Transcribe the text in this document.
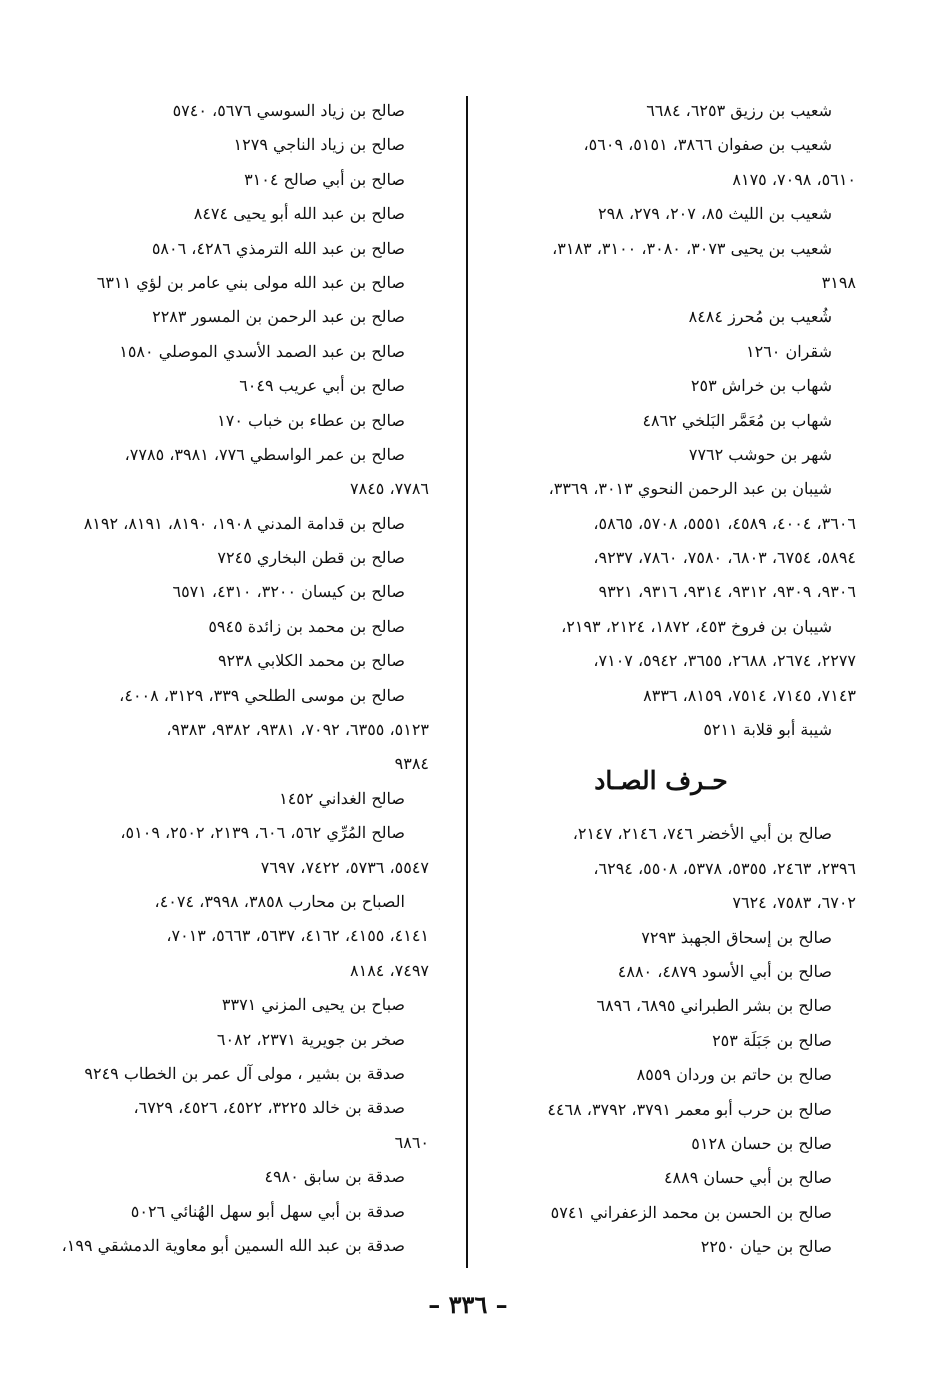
شعيب بن رزيق ٦٢٥٣، ٦٦٨٤
شعيب بن صفوان ٣٨٦٦، ٥١٥١، ٥٦٠٩،
٥٦١٠، ٧٠٩٨، ٨١٧٥
شعيب بن الليث ٨٥، ٢٠٧، ٢٧٩، ٢٩٨
شعيب بن يحيى ٣٠٧٣، ٣٠٨٠، ٣١٠٠، ٣١٨٣،
٣١٩٨
شُعيب بن مُحرز ٨٤٨٤
شقران ١٢٦٠
شهاب بن خراش ٢٥٣
شهاب بن مُعَمَّر البَلخي ٤٨٦٢
شهر بن حوشب ٧٧٦٢
شيبان بن عبد الرحمن النحوي ٣٠١٣، ٣٣٦٩،
٣٦٠٦، ٤٠٠٤، ٤٥٨٩، ٥٥٥١، ٥٧٠٨، ٥٨٦٥،
٥٨٩٤، ٦٧٥٤، ٦٨٠٣، ٧٥٨٠، ٧٨٦٠، ٩٢٣٧،
٩٣٠٦، ٩٣٠٩، ٩٣١٢، ٩٣١٤، ٩٣١٦، ٩٣٢١
شيبان بن فروخ ٤٥٣، ١٨٧٢، ٢١٢٤، ٢١٩٣،
٢٢٧٧، ٢٦٧٤، ٢٦٨٨، ٣٦٥٥، ٥٩٤٢، ٧١٠٧،
٧١٤٣، ٧١٤٥، ٧٥١٤، ٨١٥٩، ٨٣٣٦
شيبة أبو قلابة ٥٢١١
حـرف الصـاد
صالح بن أبي الأخضر ٧٤٦، ٢١٤٦، ٢١٤٧،
٢٣٩٦، ٢٤٦٣، ٥٣٥٥، ٥٣٧٨، ٥٥٠٨، ٦٢٩٤،
٦٧٠٢، ٧٥٨٣، ٧٦٢٤
صالح بن إسحاق الجهبذ ٧٢٩٣
صالح بن أبي الأسود ٤٨٧٩، ٤٨٨٠
صالح بن بشر الطبراني ٦٨٩٥، ٦٨٩٦
صالح بن جَبَلَة ٢٥٣
صالح بن حاتم بن وردان ٨٥٥٩
صالح بن حرب أبو معمر ٣٧٩١، ٣٧٩٢، ٤٤٦٨
صالح بن حسان ٥١٢٨
صالح بن أبي حسان ٤٨٨٩
صالح بن الحسن بن محمد الزعفراني ٥٧٤١
صالح بن حيان ٢٢٥٠
صالح بن زياد السوسي ٥٦٧٦، ٥٧٤٠
صالح بن زياد الناجي ١٢٧٩
صالح بن أبي صالح ٣١٠٤
صالح بن عبد الله أبو يحيى ٨٤٧٤
صالح بن عبد الله الترمذي ٤٢٨٦، ٥٨٠٦
صالح بن عبد الله مولى بني عامر بن لؤي ٦٣١١
صالح بن عبد الرحمن بن المسور ٢٢٨٣
صالح بن عبد الصمد الأسدي الموصلي ١٥٨٠
صالح بن أبي عريب ٦٠٤٩
صالح بن عطاء بن خباب ١٧٠
صالح بن عمر الواسطي ٧٧٦، ٣٩٨١، ٧٧٨٥،
٧٧٨٦، ٧٨٤٥
صالح بن قدامة المدني ١٩٠٨، ٨١٩٠، ٨١٩١، ٨١٩٢
صالح بن قطن البخاري ٧٢٤٥
صالح بن كيسان ٣٢٠٠، ٤٣١٠، ٦٥٧١
صالح بن محمد بن زائدة ٥٩٤٥
صالح بن محمد الكلابي ٩٢٣٨
صالح بن موسى الطلحي ٣٣٩، ٣١٢٩، ٤٠٠٨،
٥١٢٣، ٦٣٥٥، ٧٠٩٢، ٩٣٨١، ٩٣٨٢، ٩٣٨٣،
٩٣٨٤
صالح الغداني ١٤٥٢
صالح المُرِّي ٥٦٢، ٦٠٦، ٢١٣٩، ٢٥٠٢، ٥١٠٩،
٥٥٤٧، ٥٧٣٦، ٧٤٢٢، ٧٦٩٧
الصباح بن محارب ٣٨٥٨، ٣٩٩٨، ٤٠٧٤،
٤١٤١، ٤١٥٥، ٤١٦٢، ٥٦٣٧، ٥٦٦٣، ٧٠١٣،
٧٤٩٧، ٨١٨٤
صباح بن يحيى المزني ٣٣٧١
صخر بن جويرية ٢٣٧١، ٦٠٨٢
صدقة بن بشير ، مولى آل عمر بن الخطاب ٩٢٤٩
صدقة بن خالد ٣٢٢٥، ٤٥٢٢، ٤٥٢٦، ٦٧٢٩،
٦٨٦٠
صدقة بن سابق ٤٩٨٠
صدقة بن أبي سهل أبو سهل الهُنائي ٥٠٢٦
صدقة بن عبد الله السمين أبو معاوية الدمشقي ١٩٩،
– ٣٣٦ –
